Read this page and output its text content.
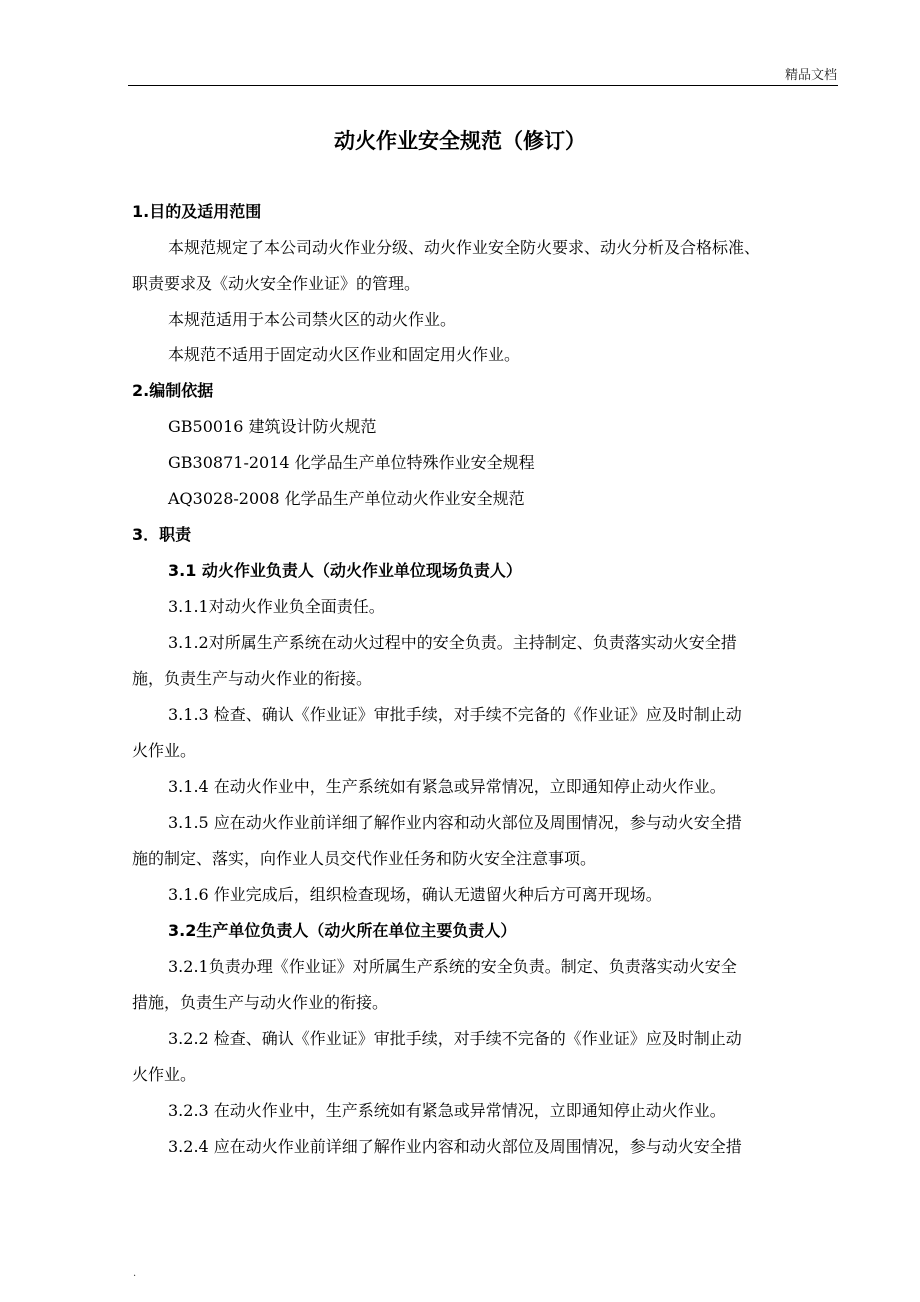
精品文档
动火作业安全规范（修订）
1.目的及适用范围
本规范规定了本公司动火作业分级、动火作业安全防火要求、动火分析及合格标准、
职责要求及《动火安全作业证》的管理。
本规范适用于本公司禁火区的动火作业。
本规范不适用于固定动火区作业和固定用火作业。
2.编制依据
GB50016 建筑设计防火规范
GB30871-2014 化学品生产单位特殊作业安全规程
AQ3028-2008 化学品生产单位动火作业安全规范
3．职责
3.1 动火作业负责人（动火作业单位现场负责人）
3.1.1对动火作业负全面责任。
3.1.2对所属生产系统在动火过程中的安全负责。主持制定、负责落实动火安全措
施，负责生产与动火作业的衔接。
3.1.3 检查、确认《作业证》审批手续，对手续不完备的《作业证》应及时制止动
火作业。
3.1.4 在动火作业中，生产系统如有紧急或异常情况，立即通知停止动火作业。
3.1.5 应在动火作业前详细了解作业内容和动火部位及周围情况，参与动火安全措
施的制定、落实，向作业人员交代作业任务和防火安全注意事项。
3.1.6 作业完成后，组织检查现场，确认无遗留火种后方可离开现场。
3.2生产单位负责人（动火所在单位主要负责人）
3.2.1负责办理《作业证》对所属生产系统的安全负责。制定、负责落实动火安全
措施，负责生产与动火作业的衔接。
3.2.2 检查、确认《作业证》审批手续，对手续不完备的《作业证》应及时制止动
火作业。
3.2.3 在动火作业中，生产系统如有紧急或异常情况，立即通知停止动火作业。
3.2.4 应在动火作业前详细了解作业内容和动火部位及周围情况，参与动火安全措
.
